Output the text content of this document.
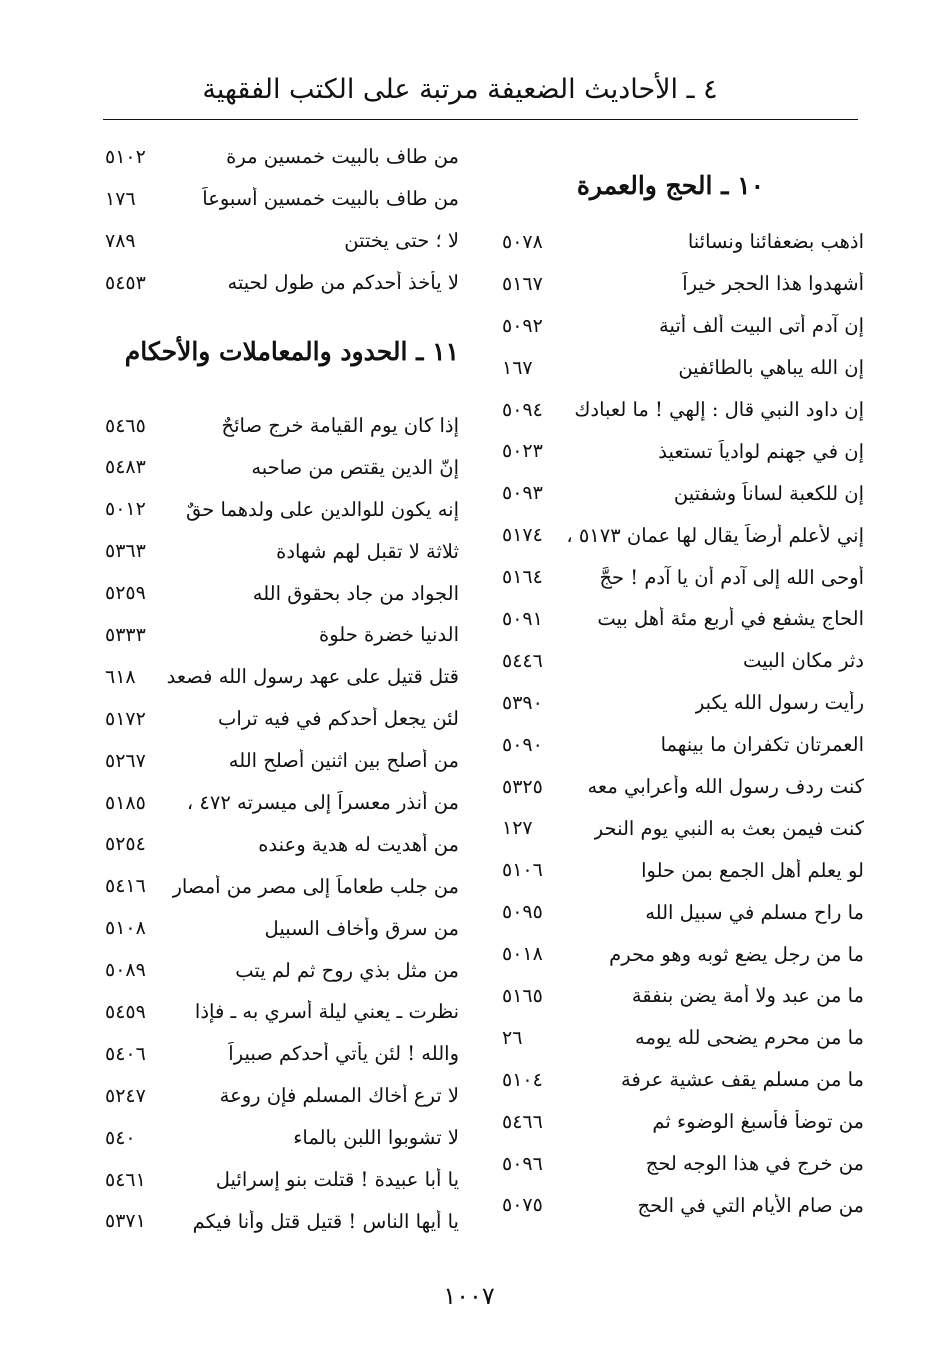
٤ ـ الأحاديث الضعيفة مرتبة على الكتب الفقهية
١٠ ـ الحج والعمرة
اذهب بضعفائنا ونسائنا
٥٠٧٨
أشهدوا هذا الحجر خيراً
٥١٦٧
إن آدم أتى البيت ألف أتية
٥٠٩٢
إن الله يباهي بالطائفين
١٦٧
إن داود النبي قال : إلهي ! ما لعبادك
٥٠٩٤
إن في جهنم لوادياً تستعيذ
٥٠٢٣
إن للكعبة لساناً وشفتين
٥٠٩٣
إني لأعلم أرضاً يقال لها عمان ٥١٧٣ ،
٥١٧٤
أوحى الله إلى آدم أن يا آدم ! حجَّ
٥١٦٤
الحاج يشفع في أربع مئة أهل بيت
٥٠٩١
دثر مكان البيت
٥٤٤٦
رأيت رسول الله يكبر
٥٣٩٠
العمرتان تكفران ما بينهما
٥٠٩٠
كنت ردف رسول الله وأعرابي معه
٥٣٢٥
كنت فيمن بعث به النبي يوم النحر
١٢٧
لو يعلم أهل الجمع بمن حلوا
٥١٠٦
ما راح مسلم في سبيل الله
٥٠٩٥
ما من رجل يضع ثوبه وهو محرم
٥٠١٨
ما من عبد ولا أمة يضن بنفقة
٥١٦٥
ما من محرم يضحى لله يومه
٢٦
ما من مسلم يقف عشية عرفة
٥١٠٤
من توضأ فأسبغ الوضوء ثم
٥٤٦٦
من خرج في هذا الوجه لحج
٥٠٩٦
من صام الأيام التي في الحج
٥٠٧٥
من طاف بالبيت خمسين مرة
٥١٠٢
من طاف بالبيت خمسين أسبوعاً
١٧٦
لا ؛ حتى يختتن
٧٨٩
لا يأخذ أحدكم من طول لحيته
٥٤٥٣
١١ ـ الحدود والمعاملات والأحكام
إذا كان يوم القيامة خرج صائحٌ
٥٤٦٥
إنّ الدين يقتص من صاحبه
٥٤٨٣
إنه يكون للوالدين على ولدهما حقٌ
٥٠١٢
ثلاثة لا تقبل لهم شهادة
٥٣٦٣
الجواد من جاد بحقوق الله
٥٢٥٩
الدنيا خضرة حلوة
٥٣٣٣
قتل قتيل على عهد رسول الله فصعد
٦١٨
لئن يجعل أحدكم في فيه تراب
٥١٧٢
من أصلح بين اثنين أصلح الله
٥٢٦٧
من أنذر معسراً إلى ميسرته ٤٧٢ ،
٥١٨٥
من أهديت له هدية وعنده
٥٢٥٤
من جلب طعاماً إلى مصر من أمصار
٥٤١٦
من سرق وأخاف السبيل
٥١٠٨
من مثل بذي روح ثم لم يتب
٥٠٨٩
نظرت ـ يعني ليلة أُسري به ـ فإذا
٥٤٥٩
والله ! لئن يأتي أحدكم صبيراً
٥٤٠٦
لا ترع أخاك المسلم فإن روعة
٥٢٤٧
لا تشوبوا اللبن بالماء
٥٤٠
يا أبا عبيدة ! قتلت بنو إسرائيل
٥٤٦١
يا أيها الناس ! قتيل قتل وأنا فيكم
٥٣٧١
١٠٠٧
